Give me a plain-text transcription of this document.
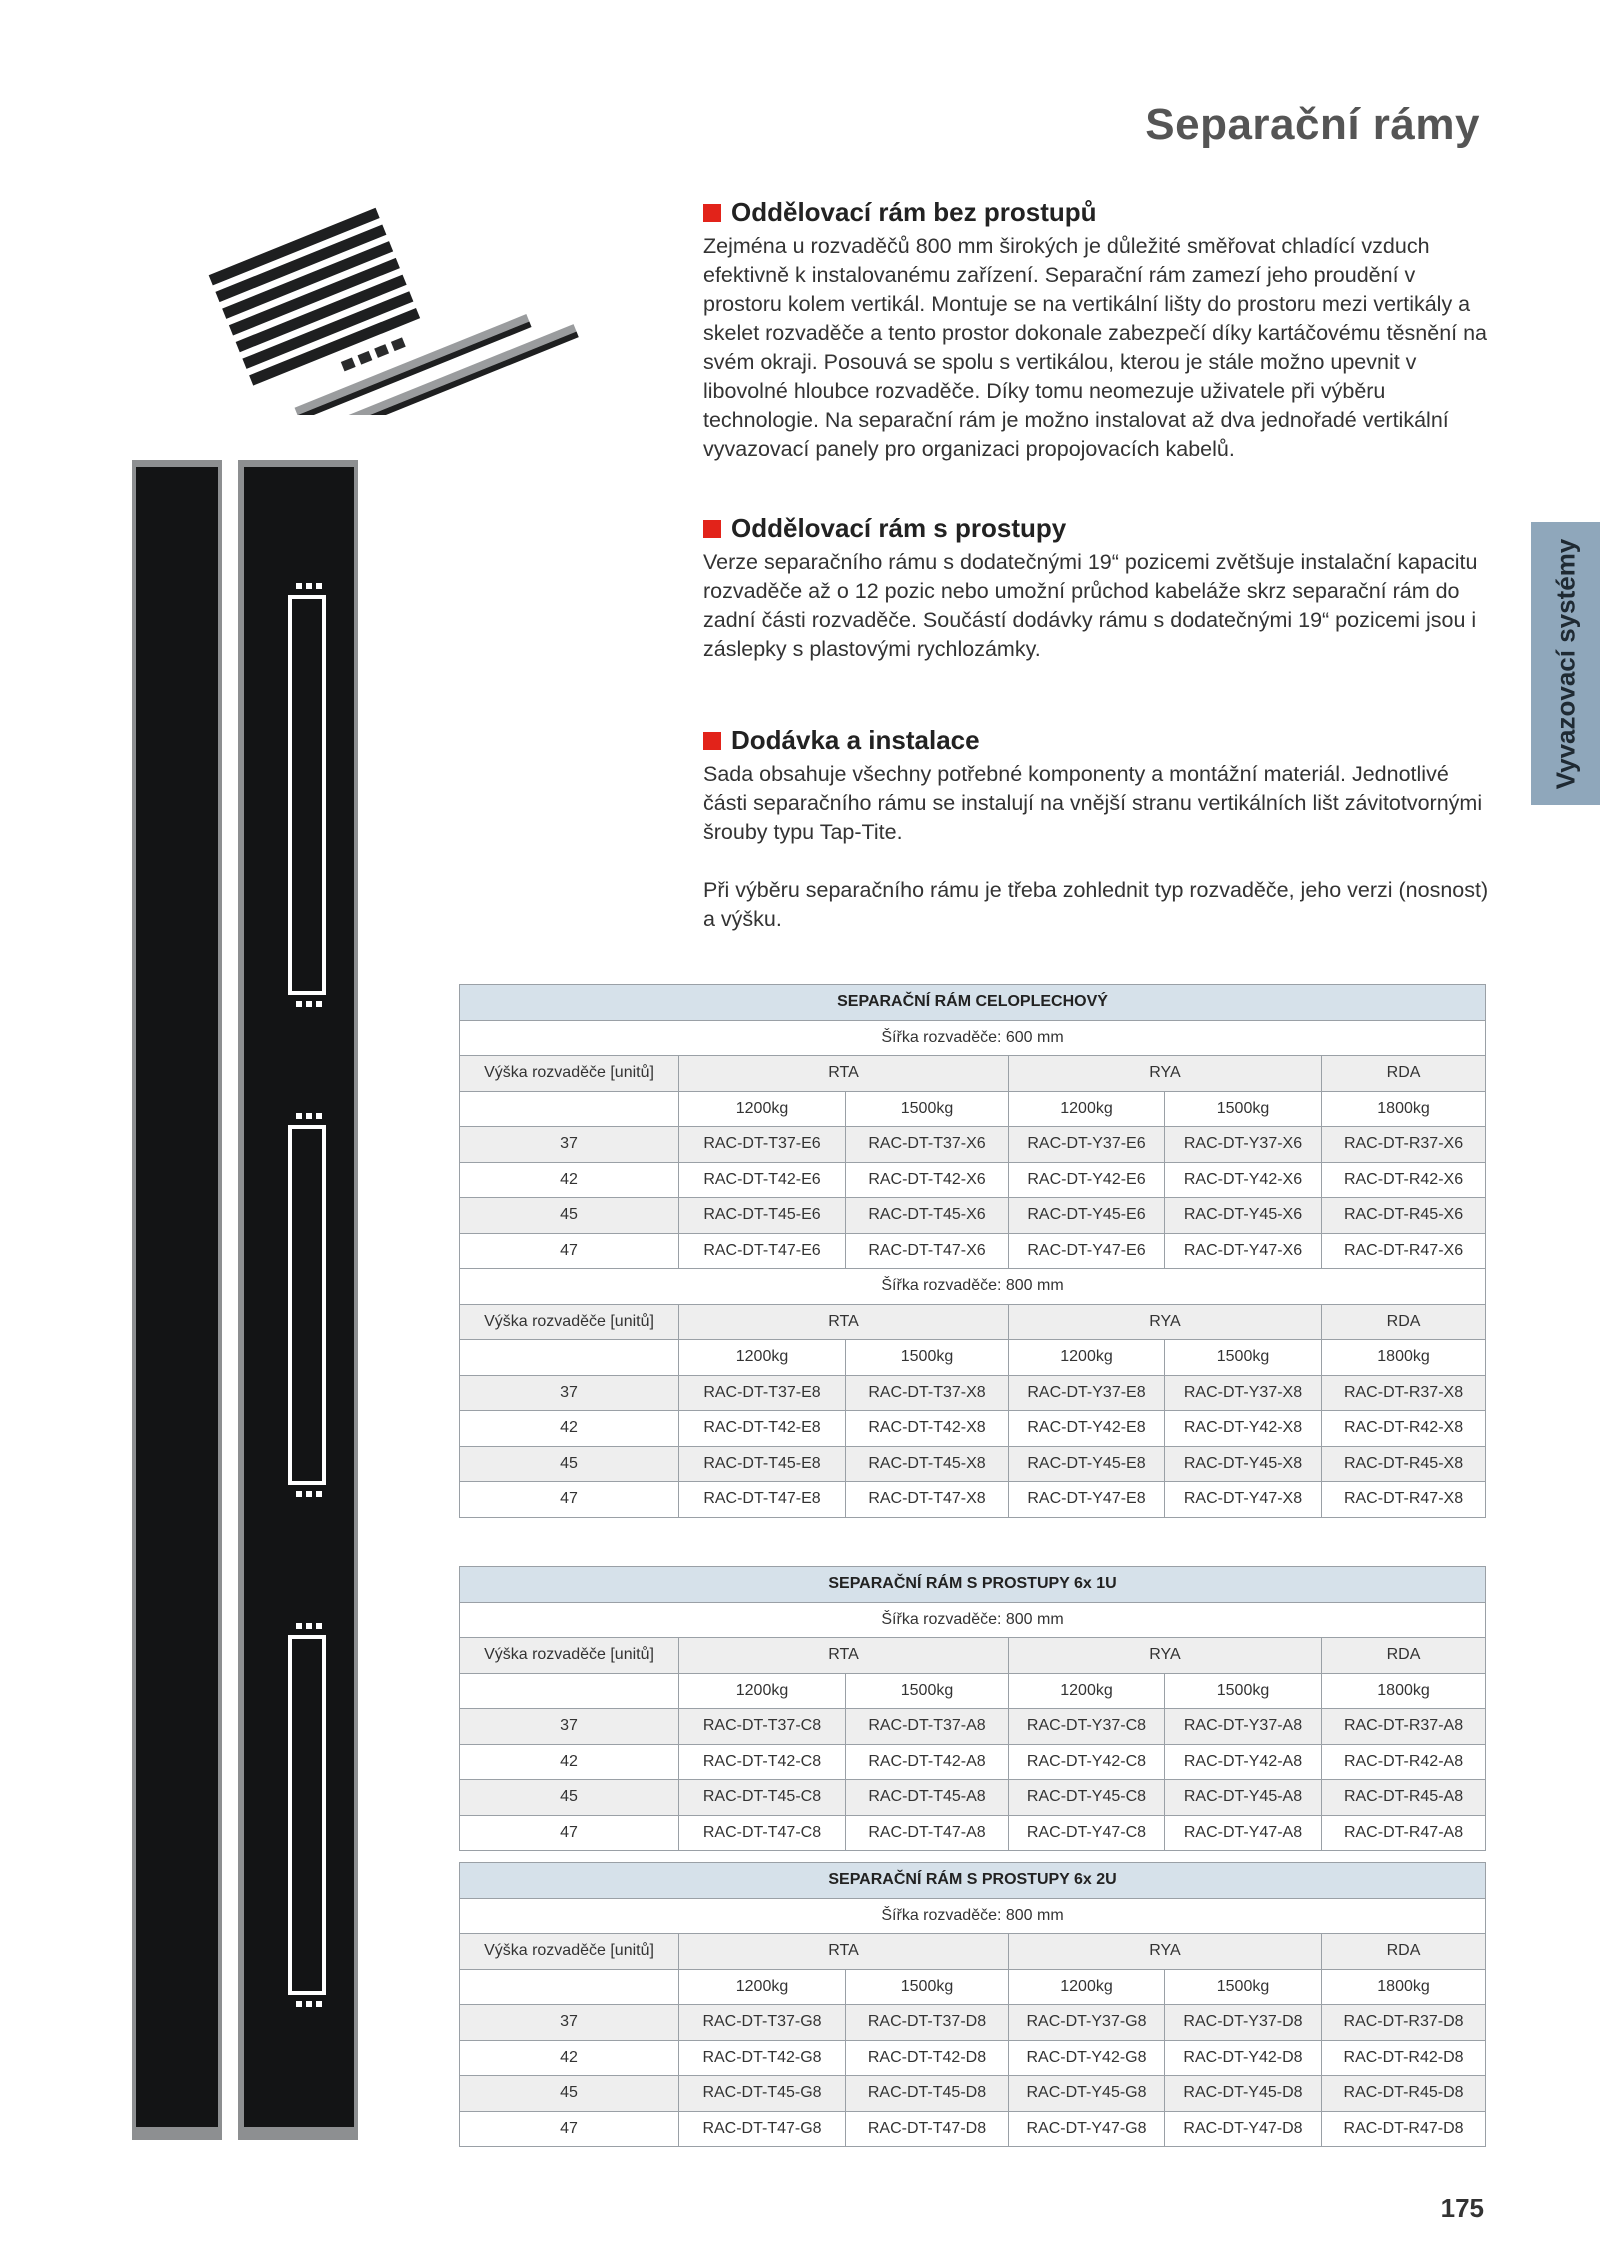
Separační rámy
Vyvazovací systémy
Oddělovací rám bez prostupů

Zejména u rozvaděčů 800 mm širokých je důležité směřovat chladící vzduch efektivně k instalovanému zařízení. Separační rám zamezí jeho proudění v prostoru kolem vertikál. Montuje se na vertikální lišty do prostoru mezi vertikály a skelet rozvaděče a tento prostor dokonale zabezpečí díky kartáčovému těsnění na svém okraji. Posouvá se spolu s vertikálou, kterou je stále možno upevnit v libovolné hloubce rozvaděče. Díky tomu neomezuje uživatele při výběru technologie. Na separační rám je možno instalovat až dva jednořadé vertikální vyvazovací panely pro organizaci propojovacích kabelů.

Oddělovací rám s prostupy

Verze separačního rámu s dodatečnými 19“ pozicemi zvětšuje instalační kapacitu rozvaděče až o 12 pozic nebo umožní průchod kabeláže skrz separační rám do zadní části rozvaděče. Součástí dodávky rámu s dodatečnými 19“ pozicemi jsou i záslepky s plastovými rychlozámky.

Dodávka a instalace

Sada obsahuje všechny potřebné komponenty a montážní materiál. Jednotlivé části separačního rámu se instalují na vnější stranu vertikálních lišt závitotvornými šrouby typu Tap-Tite.

Při výběru separačního rámu je třeba zohlednit typ rozvaděče, jeho verzi (nosnost) a výšku.

SEPARAČNÍ RÁM CELOPLECHOVÝ					
Šířka rozvaděče: 600 mm					
Výška rozvaděče [unitů]	RTA		RYA		RDA
	1200kg	1500kg	1200kg	1500kg	1800kg
37	RAC-DT-T37-E6	RAC-DT-T37-X6	RAC-DT-Y37-E6	RAC-DT-Y37-X6	RAC-DT-R37-X6
42	RAC-DT-T42-E6	RAC-DT-T42-X6	RAC-DT-Y42-E6	RAC-DT-Y42-X6	RAC-DT-R42-X6
45	RAC-DT-T45-E6	RAC-DT-T45-X6	RAC-DT-Y45-E6	RAC-DT-Y45-X6	RAC-DT-R45-X6
47	RAC-DT-T47-E6	RAC-DT-T47-X6	RAC-DT-Y47-E6	RAC-DT-Y47-X6	RAC-DT-R47-X6
Šířka rozvaděče: 800 mm					
Výška rozvaděče [unitů]	RTA		RYA		RDA
	1200kg	1500kg	1200kg	1500kg	1800kg
37	RAC-DT-T37-E8	RAC-DT-T37-X8	RAC-DT-Y37-E8	RAC-DT-Y37-X8	RAC-DT-R37-X8
42	RAC-DT-T42-E8	RAC-DT-T42-X8	RAC-DT-Y42-E8	RAC-DT-Y42-X8	RAC-DT-R42-X8
45	RAC-DT-T45-E8	RAC-DT-T45-X8	RAC-DT-Y45-E8	RAC-DT-Y45-X8	RAC-DT-R45-X8
47	RAC-DT-T47-E8	RAC-DT-T47-X8	RAC-DT-Y47-E8	RAC-DT-Y47-X8	RAC-DT-R47-X8
SEPARAČNÍ RÁM S PROSTUPY 6x 1U					
Šířka rozvaděče: 800 mm					
Výška rozvaděče [unitů]	RTA		RYA		RDA
	1200kg	1500kg	1200kg	1500kg	1800kg
37	RAC-DT-T37-C8	RAC-DT-T37-A8	RAC-DT-Y37-C8	RAC-DT-Y37-A8	RAC-DT-R37-A8
42	RAC-DT-T42-C8	RAC-DT-T42-A8	RAC-DT-Y42-C8	RAC-DT-Y42-A8	RAC-DT-R42-A8
45	RAC-DT-T45-C8	RAC-DT-T45-A8	RAC-DT-Y45-C8	RAC-DT-Y45-A8	RAC-DT-R45-A8
47	RAC-DT-T47-C8	RAC-DT-T47-A8	RAC-DT-Y47-C8	RAC-DT-Y47-A8	RAC-DT-R47-A8
SEPARAČNÍ RÁM S PROSTUPY 6x 2U					
Šířka rozvaděče: 800 mm					
Výška rozvaděče [unitů]	RTA		RYA		RDA
	1200kg	1500kg	1200kg	1500kg	1800kg
37	RAC-DT-T37-G8	RAC-DT-T37-D8	RAC-DT-Y37-G8	RAC-DT-Y37-D8	RAC-DT-R37-D8
42	RAC-DT-T42-G8	RAC-DT-T42-D8	RAC-DT-Y42-G8	RAC-DT-Y42-D8	RAC-DT-R42-D8
45	RAC-DT-T45-G8	RAC-DT-T45-D8	RAC-DT-Y45-G8	RAC-DT-Y45-D8	RAC-DT-R45-D8
47	RAC-DT-T47-G8	RAC-DT-T47-D8	RAC-DT-Y47-G8	RAC-DT-Y47-D8	RAC-DT-R47-D8
175
